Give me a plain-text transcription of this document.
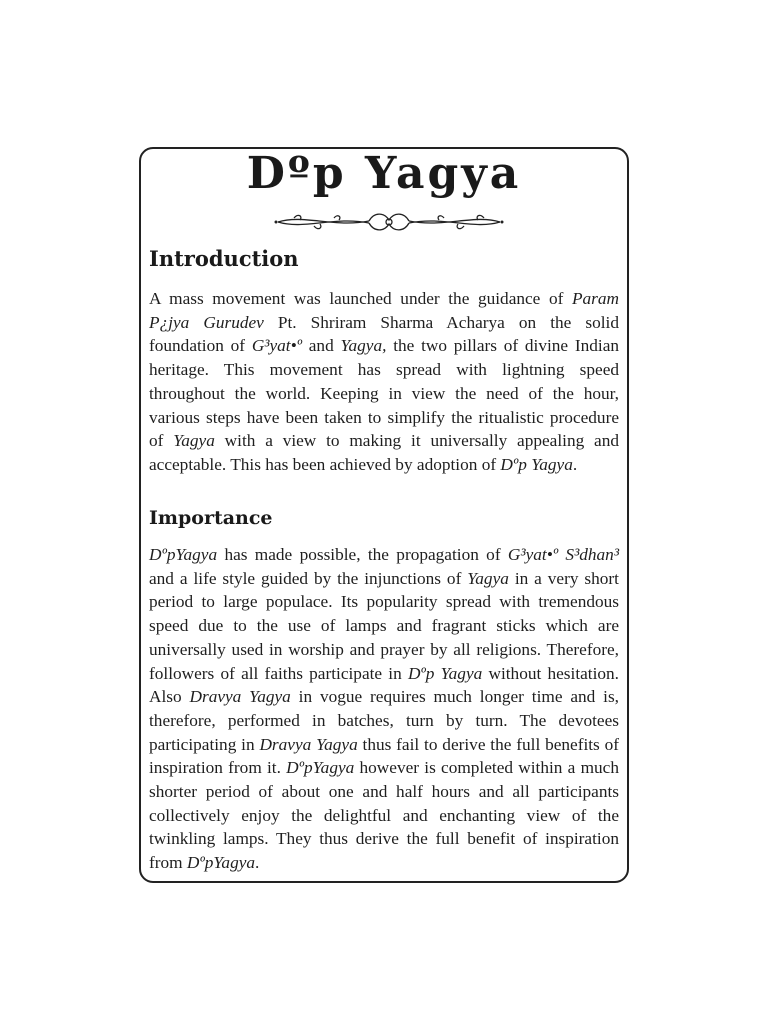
Dºp Yagya
Introduction

A mass movement was launched under the guidance of Param P¿jya Gurudev Pt. Shriram Sharma Acharya on the solid foundation of G³yat•º and Yagya, the two pillars of divine Indian heritage. This movement has spread with lightning speed throughout the world. Keeping in view the need of the hour, various steps have been taken to simplify the ritualistic procedure of Yagya with a view to making it universally appealing and acceptable. This has been achieved by adoption of Dºp Yagya.

Importance

DºpYagya has made possible, the propagation of G³yat•º S³dhan³ and a life style guided by the injunctions of Yagya in a very short period to large populace. Its popularity spread with tremendous speed due to the use of lamps and fragrant sticks which are universally used in worship and prayer by all religions. Therefore, followers of all faiths participate in Dºp Yagya without hesitation. Also Dravya Yagya in vogue requires much longer time and is, therefore, performed in batches, turn by turn. The devotees participating in Dravya Yagya thus fail to derive the full benefits of inspiration from it. DºpYagya however is completed within a much shorter period of about one and half hours and all participants collectively enjoy the delightful and enchanting view of the twinkling lamps. They thus derive the full benefit of inspiration from DºpYagya.
